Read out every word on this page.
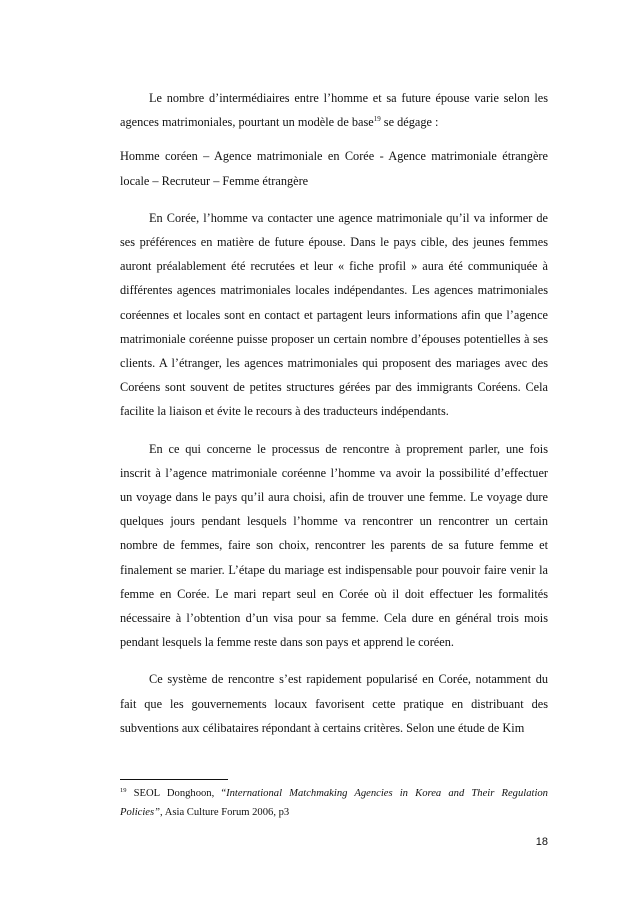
Le nombre d’intermédiaires entre l’homme et sa future épouse varie selon les agences matrimoniales, pourtant un modèle de base$^{19}$ se dégage :

Homme coréen – Agence matrimoniale en Corée - Agence matrimoniale étrangère locale – Recruteur – Femme étrangère

En Corée, l’homme va contacter une agence matrimoniale qu’il va informer de ses préférences en matière de future épouse. Dans le pays cible, des jeunes femmes auront préalablement été recrutées et leur « fiche profil » aura été communiquée à différentes agences matrimoniales locales indépendantes. Les agences matrimoniales coréennes et locales sont en contact et partagent leurs informations afin que l’agence matrimoniale coréenne puisse proposer un certain nombre d’épouses potentielles à ses clients. A l’étranger, les agences matrimoniales qui proposent des mariages avec des Coréens sont souvent de petites structures gérées par des immigrants Coréens. Cela facilite la liaison et évite le recours à des traducteurs indépendants.

En ce qui concerne le processus de rencontre à proprement parler, une fois inscrit à l’agence matrimoniale coréenne l’homme va avoir la possibilité d’effectuer un voyage dans le pays qu’il aura choisi, afin de trouver une femme. Le voyage dure quelques jours pendant lesquels l’homme va rencontrer un rencontrer un certain nombre de femmes, faire son choix, rencontrer les parents de sa future femme et finalement se marier. L’étape du mariage est indispensable pour pouvoir faire venir la femme en Corée. Le mari repart seul en Corée où il doit effectuer les formalités nécessaire à l’obtention d’un visa pour sa femme. Cela dure en général trois mois pendant lesquels la femme reste dans son pays et apprend le coréen.

Ce système de rencontre s’est rapidement popularisé en Corée, notamment du fait que les gouvernements locaux favorisent cette pratique en distribuant des subventions aux célibataires répondant à certains critères. Selon une étude de Kim

$^{19}$ SEOL Donghoon, “International Matchmaking Agencies in Korea and Their Regulation Policies”, Asia Culture Forum 2006, p3
18
